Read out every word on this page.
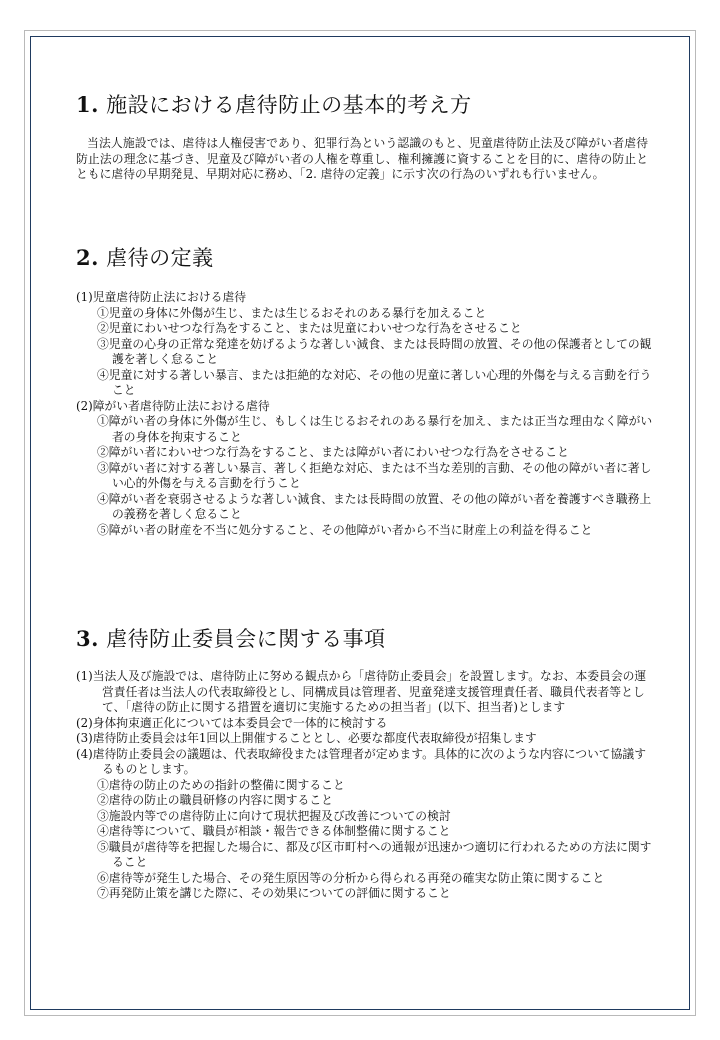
1. 施設における虐待防止の基本的考え方

当法人施設では、虐待は人権侵害であり、犯罪行為という認識のもと、児童虐待防止法及び障がい者虐待防止法の理念に基づき、児童及び障がい者の人権を尊重し、権利擁護に資することを目的に、虐待の防止とともに虐待の早期発見、早期対応に務め、「2. 虐待の定義」に示す次の行為のいずれも行いません。

2. 虐待の定義
(1)児童虐待防止法における虐待
①児童の身体に外傷が生じ、または生じるおそれのある暴行を加えること
②児童にわいせつな行為をすること、または児童にわいせつな行為をさせること
③児童の心身の正常な発達を妨げるような著しい減食、または長時間の放置、その他の保護者としての観護を著しく怠ること
④児童に対する著しい暴言、または拒絶的な対応、その他の児童に著しい心理的外傷を与える言動を行うこと
(2)障がい者虐待防止法における虐待
①障がい者の身体に外傷が生じ、もしくは生じるおそれのある暴行を加え、または正当な理由なく障がい者の身体を拘束すること
②障がい者にわいせつな行為をすること、または障がい者にわいせつな行為をさせること
③障がい者に対する著しい暴言、著しく拒絶な対応、または不当な差別的言動、その他の障がい者に著しい心的外傷を与える言動を行うこと
④障がい者を衰弱させるような著しい減食、または長時間の放置、その他の障がい者を養護すべき職務上の義務を著しく怠ること
⑤障がい者の財産を不当に処分すること、その他障がい者から不当に財産上の利益を得ること
3. 虐待防止委員会に関する事項
(1)当法人及び施設では、虐待防止に努める観点から「虐待防止委員会」を設置します。なお、本委員会の運営責任者は当法人の代表取締役とし、同構成員は管理者、児童発達支援管理責任者、職員代表者等として、「虐待の防止に関する措置を適切に実施するための担当者」(以下、担当者)とします
(2)身体拘束適正化については本委員会で一体的に検討する
(3)虐待防止委員会は年1回以上開催することとし、必要な都度代表取締役が招集します
(4)虐待防止委員会の議題は、代表取締役または管理者が定めます。具体的に次のような内容について協議するものとします。
①虐待の防止のための指針の整備に関すること
②虐待の防止の職員研修の内容に関すること
③施設内等での虐待防止に向けて現状把握及び改善についての検討
④虐待等について、職員が相談・報告できる体制整備に関すること
⑤職員が虐待等を把握した場合に、都及び区市町村への通報が迅速かつ適切に行われるための方法に関すること
⑥虐待等が発生した場合、その発生原因等の分析から得られる再発の確実な防止策に関すること
⑦再発防止策を講じた際に、その効果についての評価に関すること
